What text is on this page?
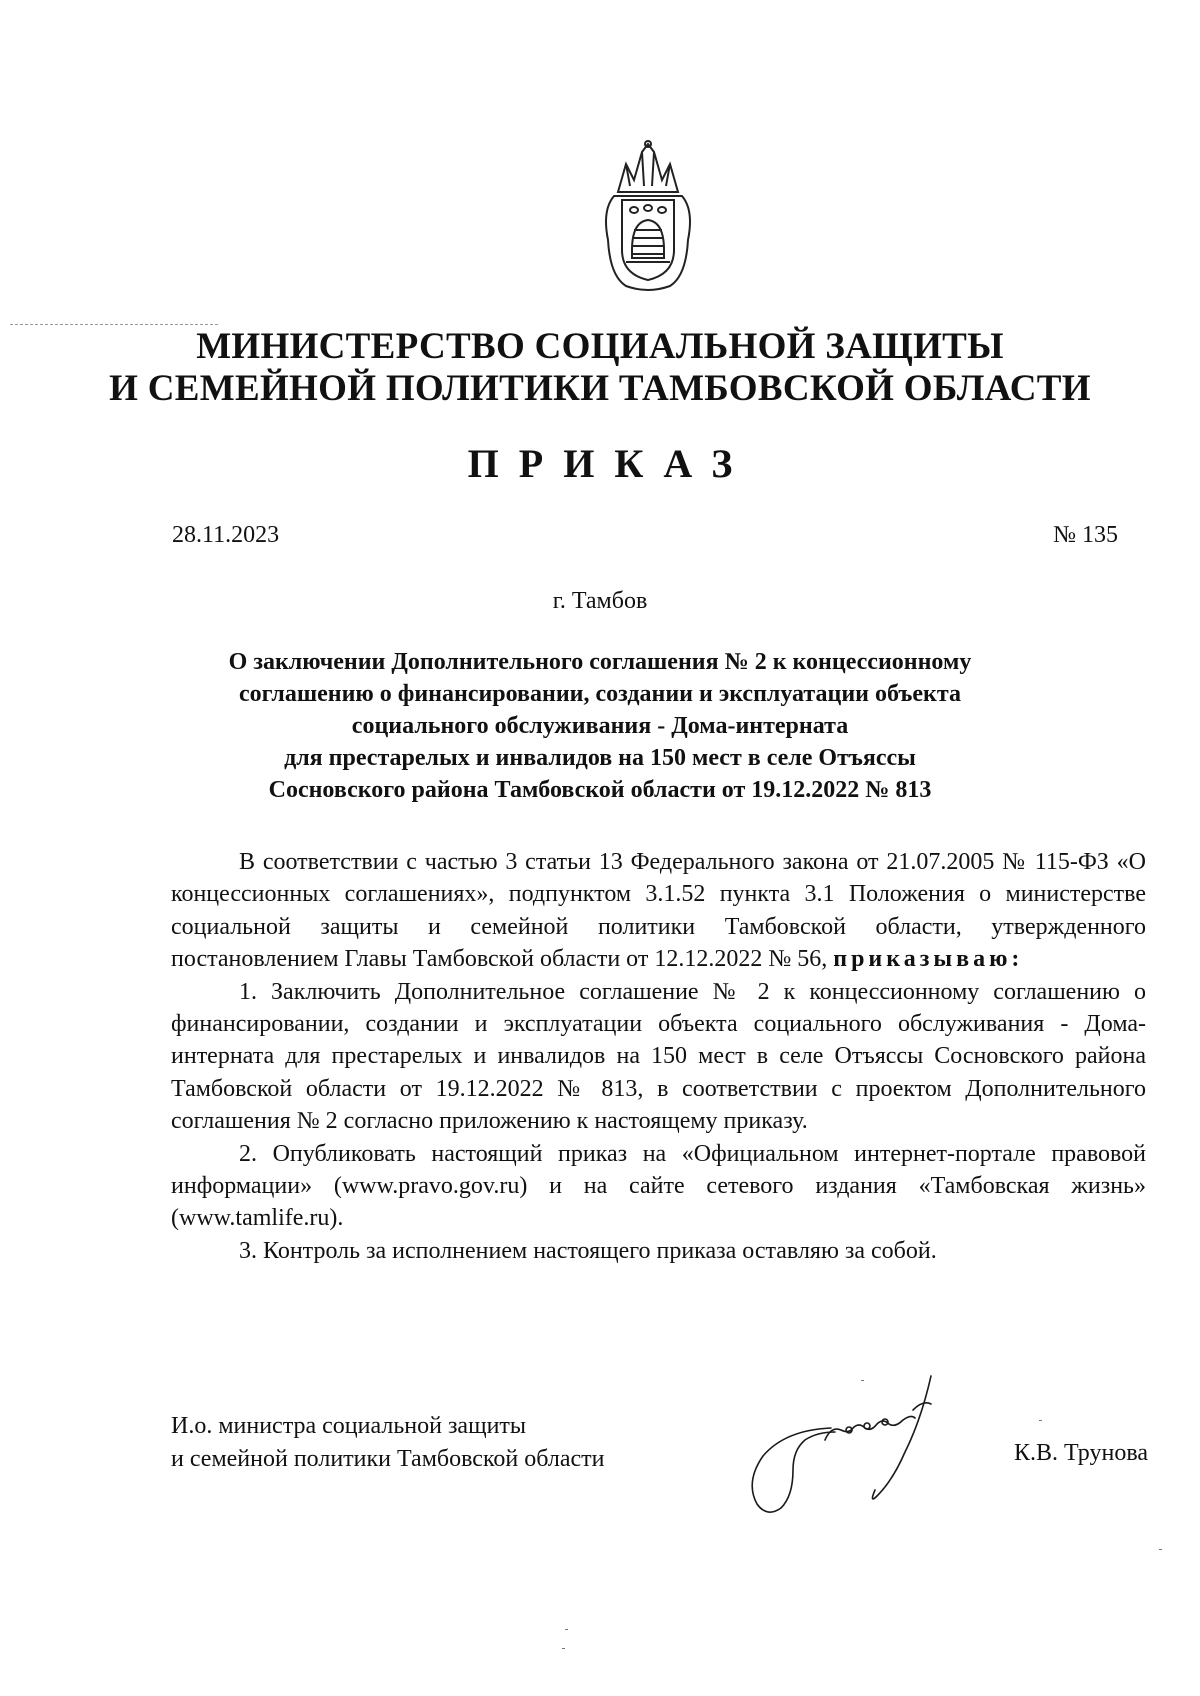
МИНИСТЕРСТВО СОЦИАЛЬНОЙ ЗАЩИТЫ
И СЕМЕЙНОЙ ПОЛИТИКИ ТАМБОВСКОЙ ОБЛАСТИ
ПРИКАЗ
28.11.2023	№ 135
г. Тамбов
О заключении Дополнительного соглашения № 2 к концессионному
соглашению о финансировании, создании и эксплуатации объекта
социального обслуживания - Дома-интерната
для престарелых и инвалидов на 150 мест в селе Отъяссы
Сосновского района Тамбовской области от 19.12.2022 № 813

В соответствии с частью 3 статьи 13 Федерального закона от 21.07.2005 № 115-ФЗ «О концессионных соглашениях», подпунктом 3.1.52 пункта 3.1 Положения о министерстве социальной защиты и семейной политики Тамбовской области, утвержденного постановлением Главы Тамбовской области от 12.12.2022 № 56, приказываю:

1. Заключить Дополнительное соглашение № 2 к концессионному соглашению о финансировании, создании и эксплуатации объекта социального обслуживания - Дома-интерната для престарелых и инвалидов на 150 мест в селе Отъяссы Сосновского района Тамбовской области от 19.12.2022 № 813, в соответствии с проектом Дополнительного соглашения № 2 согласно приложению к настоящему приказу.

2. Опубликовать настоящий приказ на «Официальном интернет-портале правовой информации» (www.pravo.gov.ru) и на сайте сетевого издания «Тамбовская жизнь» (www.tamlife.ru).

3. Контроль за исполнением настоящего приказа оставляю за собой.

И.о. министра социальной защиты
и семейной политики Тамбовской области	К.В. Трунова
